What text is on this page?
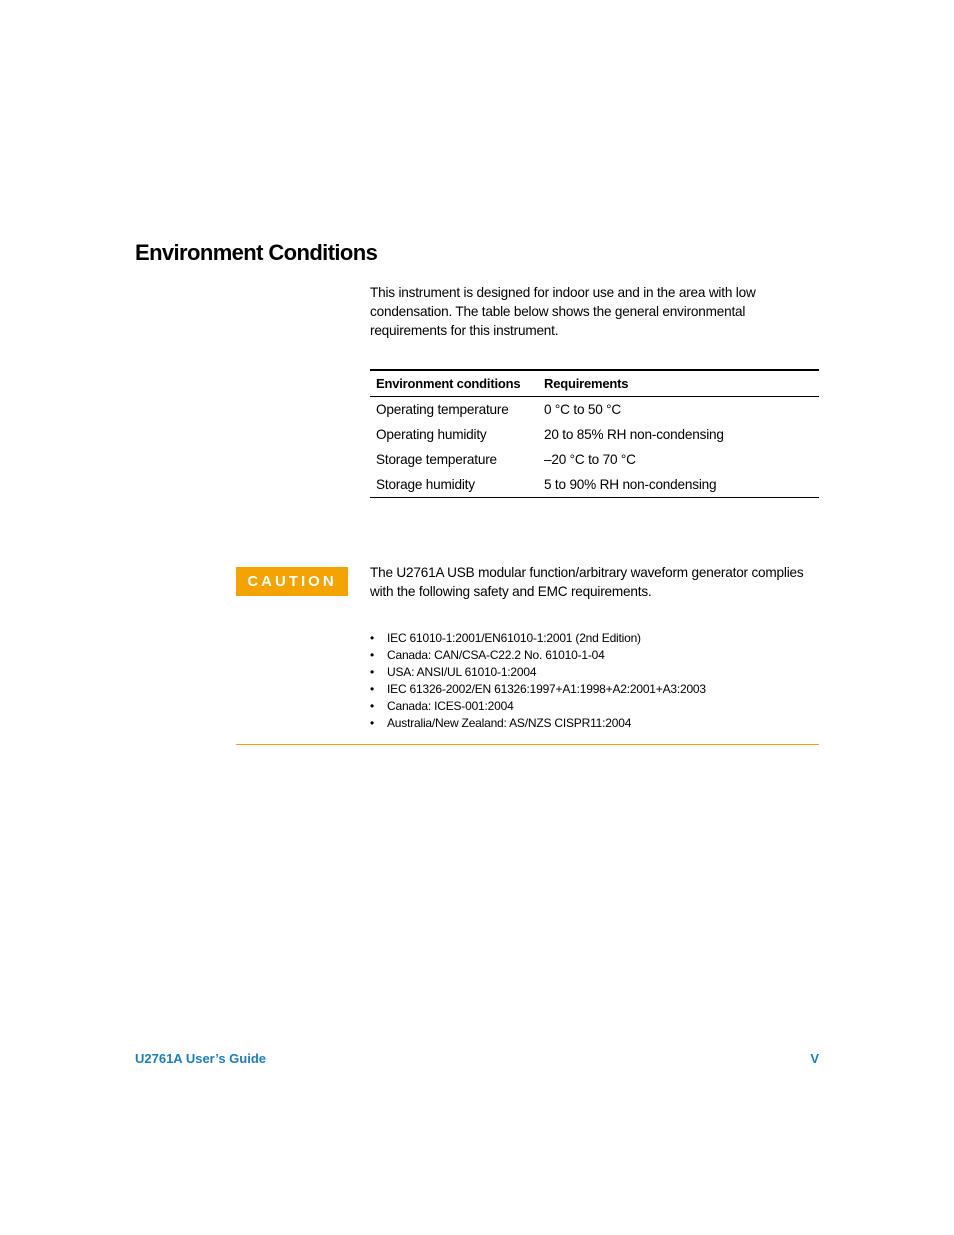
Environment Conditions

This instrument is designed for indoor use and in the area with low condensation. The table below shows the general environmental requirements for this instrument.

Environment conditions	Requirements
Operating temperature	0 °C to 50 °C
Operating humidity	20 to 85% RH non-condensing
Storage temperature	–20 °C to 70 °C
Storage humidity	5 to 90% RH non-condensing
CAUTION

The U2761A USB modular function/arbitrary waveform generator complies with the following safety and EMC requirements.

• IEC 61010-1:2001/EN61010-1:2001 (2nd Edition)
• Canada: CAN/CSA-C22.2 No. 61010-1-04
• USA: ANSI/UL 61010-1:2004
• IEC 61326-2002/EN 61326:1997+A1:1998+A2:2001+A3:2003
• Canada: ICES-001:2004
• Australia/New Zealand: AS/NZS CISPR11:2004
U2761A User’s Guide	V
